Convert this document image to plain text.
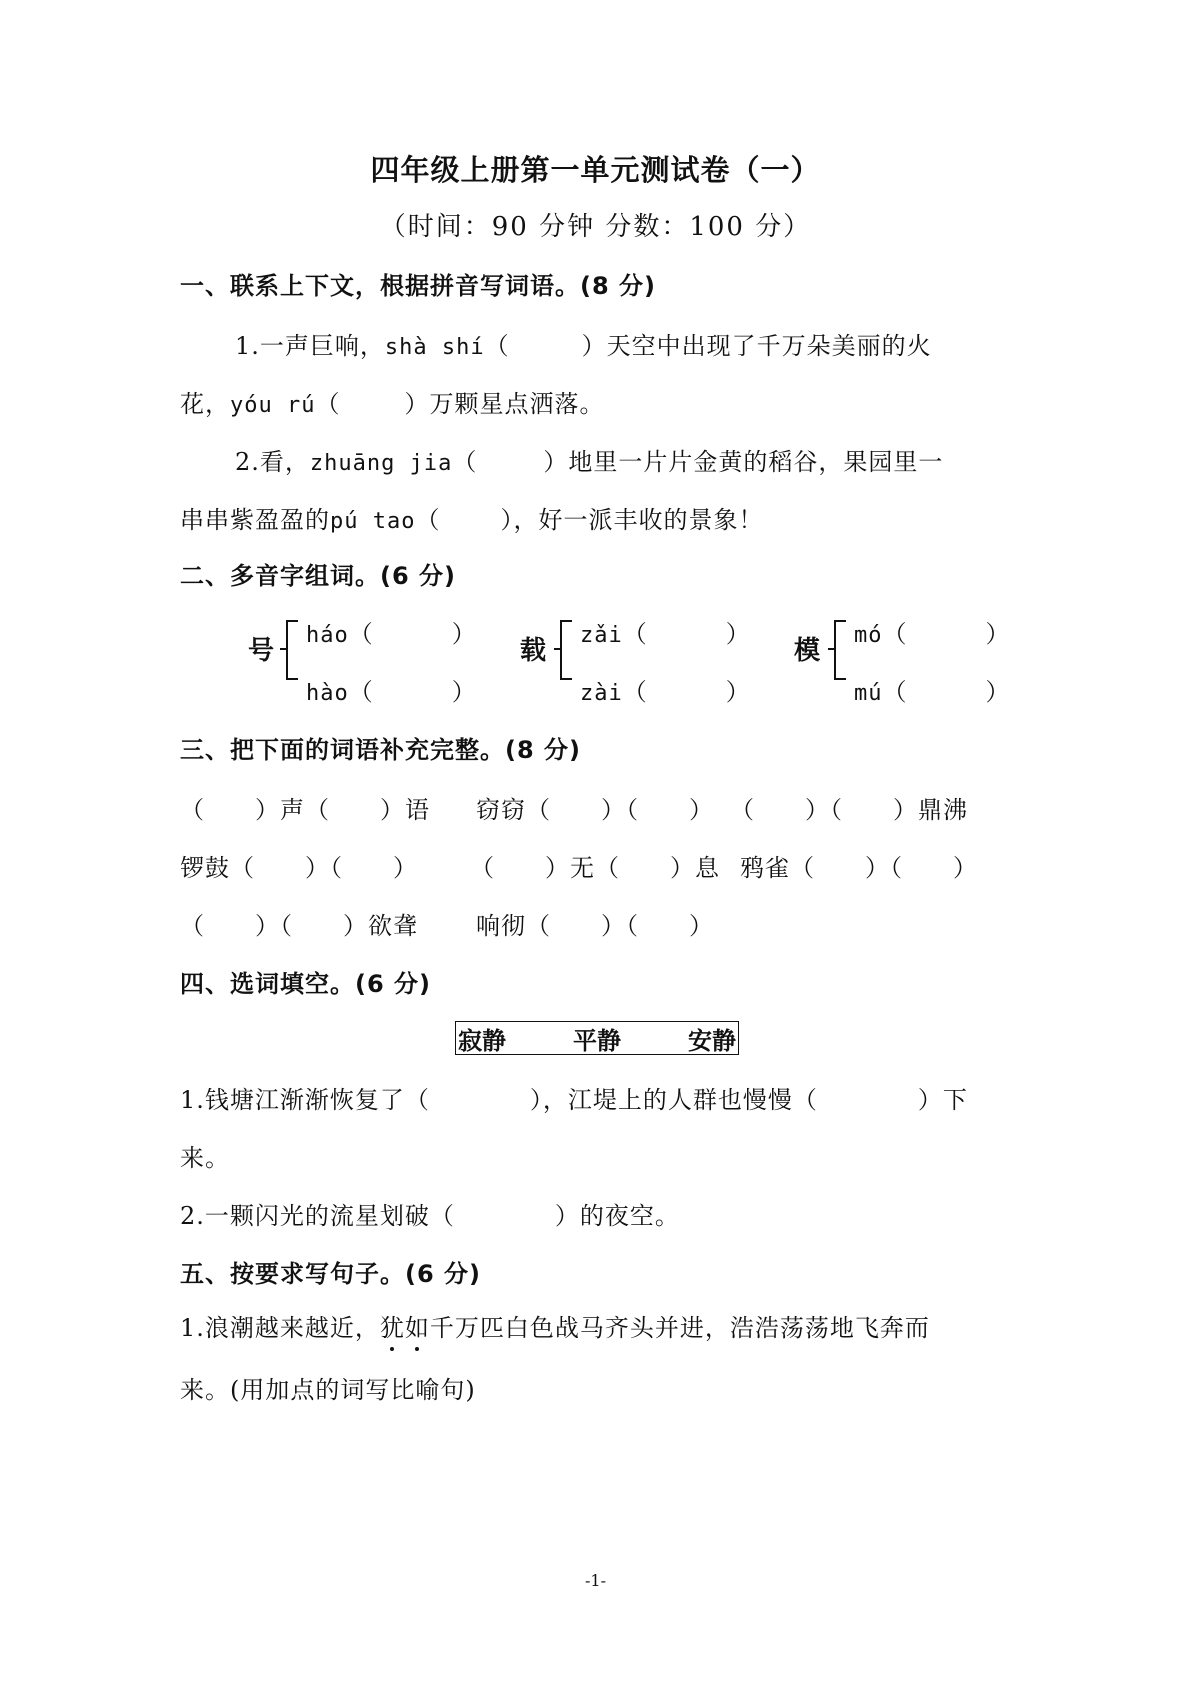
四年级上册第一单元测试卷（一）
（时间：90 分钟 分数：100 分）
一、联系上下文，根据拼音写词语。(8 分)
1.一声巨响，shà shí（	）天空中出现了千万朵美丽的火
花，yóu rú（	）万颗星点洒落。
2.看，zhuāng jia（	）地里一片片金黄的稻谷，果园里一
串串紫盈盈的pú tao（	），好一派丰收的景象！
二、多音字组词。(6 分)
号
háo（	）
hào（	）
载
zǎi（	）
zài（	）
模
mó（	）
mú（	）
三、把下面的词语补充完整。(8 分)
（　　）声（　　）语 窃窃（　　）（　　） （　　）（　　）鼎沸
锣鼓（　　）（　　） （　　）无（　　）息 鸦雀（　　）（　　）
（　　）（　　）欲聋 响彻（　　）（　　）
四、选词填空。(6 分)
寂静	平静	安静
1.钱塘江渐渐恢复了（　　　　），江堤上的人群也慢慢（　　　　）下
来。
2.一颗闪光的流星划破（　　　　）的夜空。
五、按要求写句子。(6 分)
1.浪潮越来越近，犹如千万匹白色战马齐头并进，浩浩荡荡地飞奔而
来。(用加点的词写比喻句)
-1-
